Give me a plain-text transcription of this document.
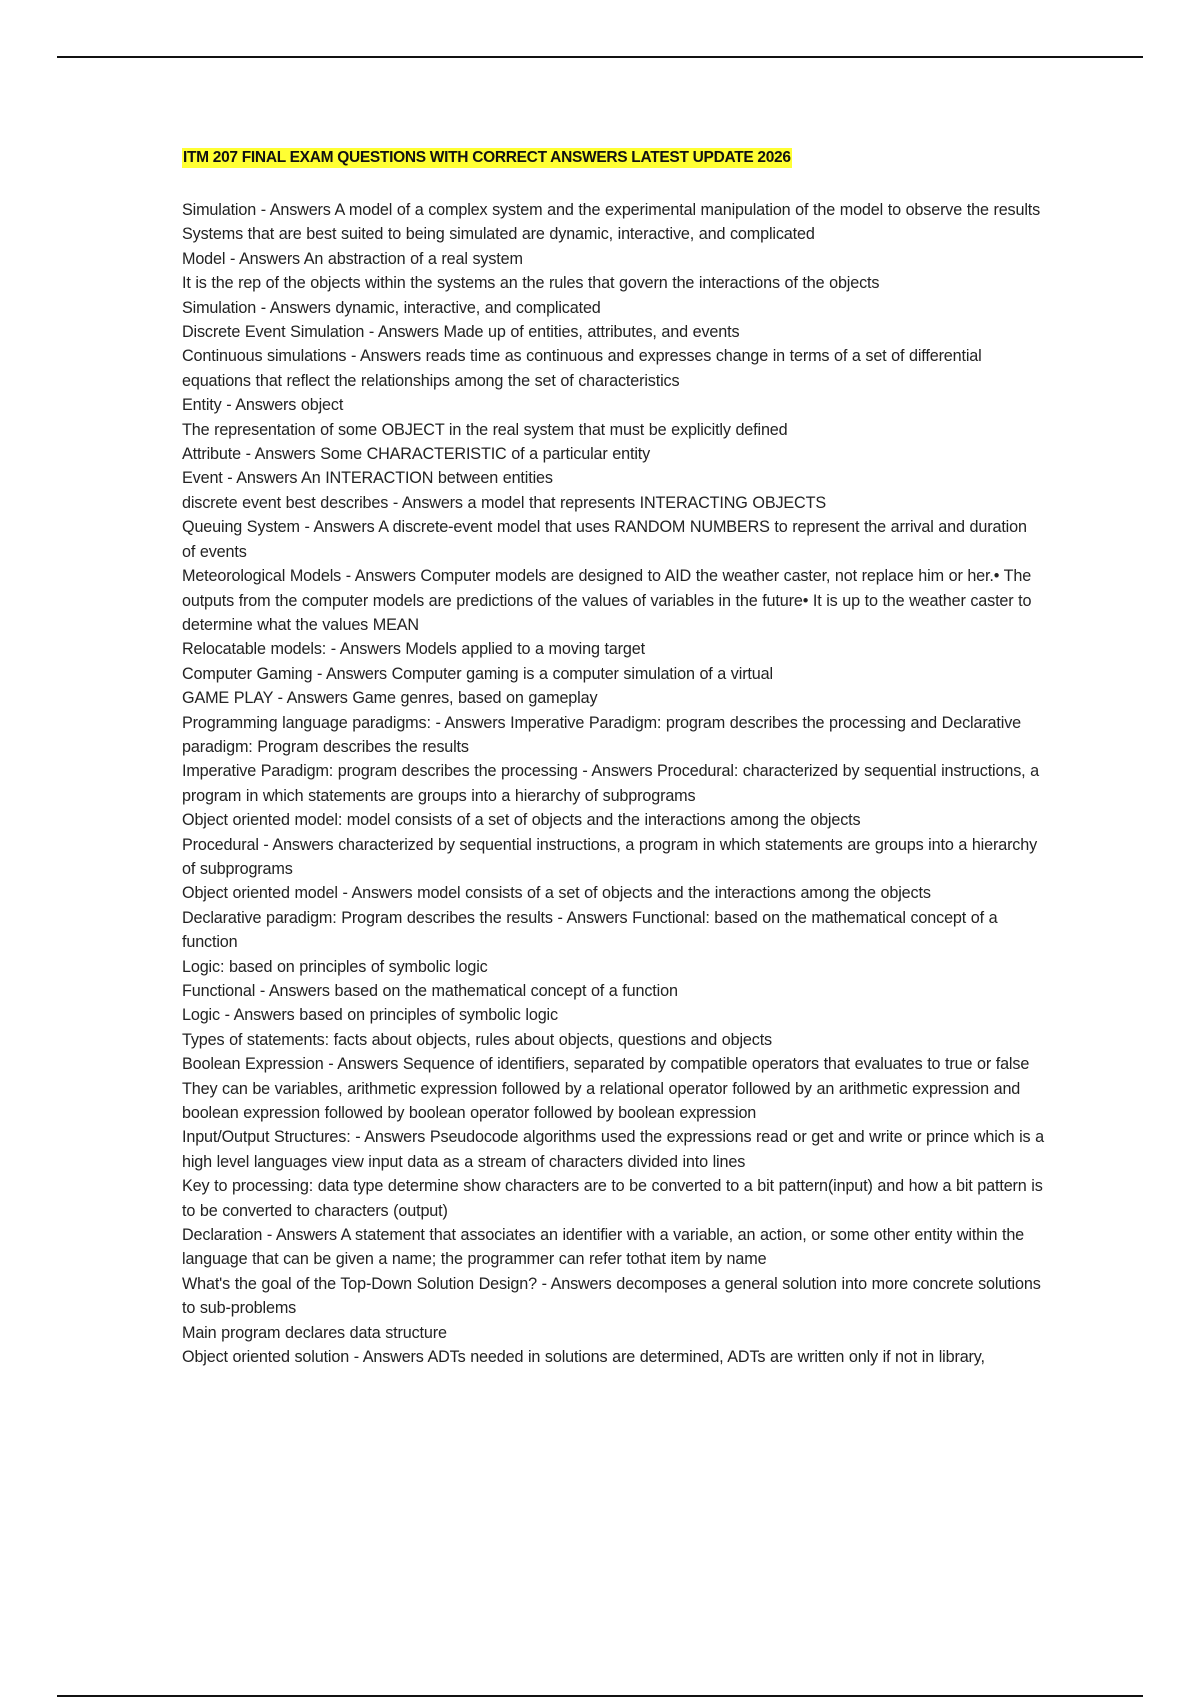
ITM 207 FINAL EXAM QUESTIONS WITH CORRECT ANSWERS LATEST UPDATE 2026
Simulation - Answers A model of a complex system and the experimental manipulation of the model to observe the results
Systems that are best suited to being simulated are dynamic, interactive, and complicated
Model - Answers An abstraction of a real system
It is the rep of the objects within the systems an the rules that govern the interactions of the objects
Simulation - Answers dynamic, interactive, and complicated
Discrete Event Simulation - Answers Made up of entities, attributes, and events
Continuous simulations - Answers reads time as continuous and expresses change in terms of a set of differential equations that reflect the relationships among the set of characteristics
Entity - Answers object
The representation of some OBJECT in the real system that must be explicitly defined
Attribute - Answers Some CHARACTERISTIC of a particular entity
Event - Answers An INTERACTION between entities
discrete event best describes - Answers a model that represents INTERACTING OBJECTS
Queuing System - Answers A discrete-event model that uses RANDOM NUMBERS to represent the arrival and duration of events
Meteorological Models - Answers Computer models are designed to AID the weather caster, not replace him or her.• The outputs from the computer models are predictions of the values of variables in the future• It is up to the weather caster to determine what the values MEAN
Relocatable models: - Answers Models applied to a moving target
Computer Gaming - Answers Computer gaming is a computer simulation of a virtual
GAME PLAY - Answers Game genres, based on gameplay
Programming language paradigms: - Answers Imperative Paradigm: program describes the processing and Declarative paradigm: Program describes the results
Imperative Paradigm: program describes the processing - Answers Procedural: characterized by sequential instructions, a program in which statements are groups into a hierarchy of subprograms
Object oriented model: model consists of a set of objects and the interactions among the objects
Procedural - Answers characterized by sequential instructions, a program in which statements are groups into a hierarchy of subprograms
Object oriented model - Answers model consists of a set of objects and the interactions among the objects
Declarative paradigm: Program describes the results - Answers Functional: based on the mathematical concept of a function
Logic: based on principles of symbolic logic
Functional - Answers based on the mathematical concept of a function
Logic - Answers based on principles of symbolic logic
Types of statements: facts about objects, rules about objects, questions and objects
Boolean Expression - Answers Sequence of identifiers, separated by compatible operators that evaluates to true or false
They can be variables, arithmetic expression followed by a relational operator followed by an arithmetic expression and boolean expression followed by boolean operator followed by boolean expression
Input/Output Structures: - Answers Pseudocode algorithms used the expressions read or get and write or prince which is a high level languages view input data as a stream of characters divided into lines
Key to processing: data type determine show characters are to be converted to a bit pattern(input) and how a bit pattern is to be converted to characters (output)
Declaration - Answers A statement that associates an identifier with a variable, an action, or some other entity within the language that can be given a name; the programmer can refer tothat item by name
What's the goal of the Top-Down Solution Design? - Answers decomposes a general solution into more concrete solutions to sub-problems
Main program declares data structure
Object oriented solution - Answers ADTs needed in solutions are determined, ADTs are written only if not in library,
